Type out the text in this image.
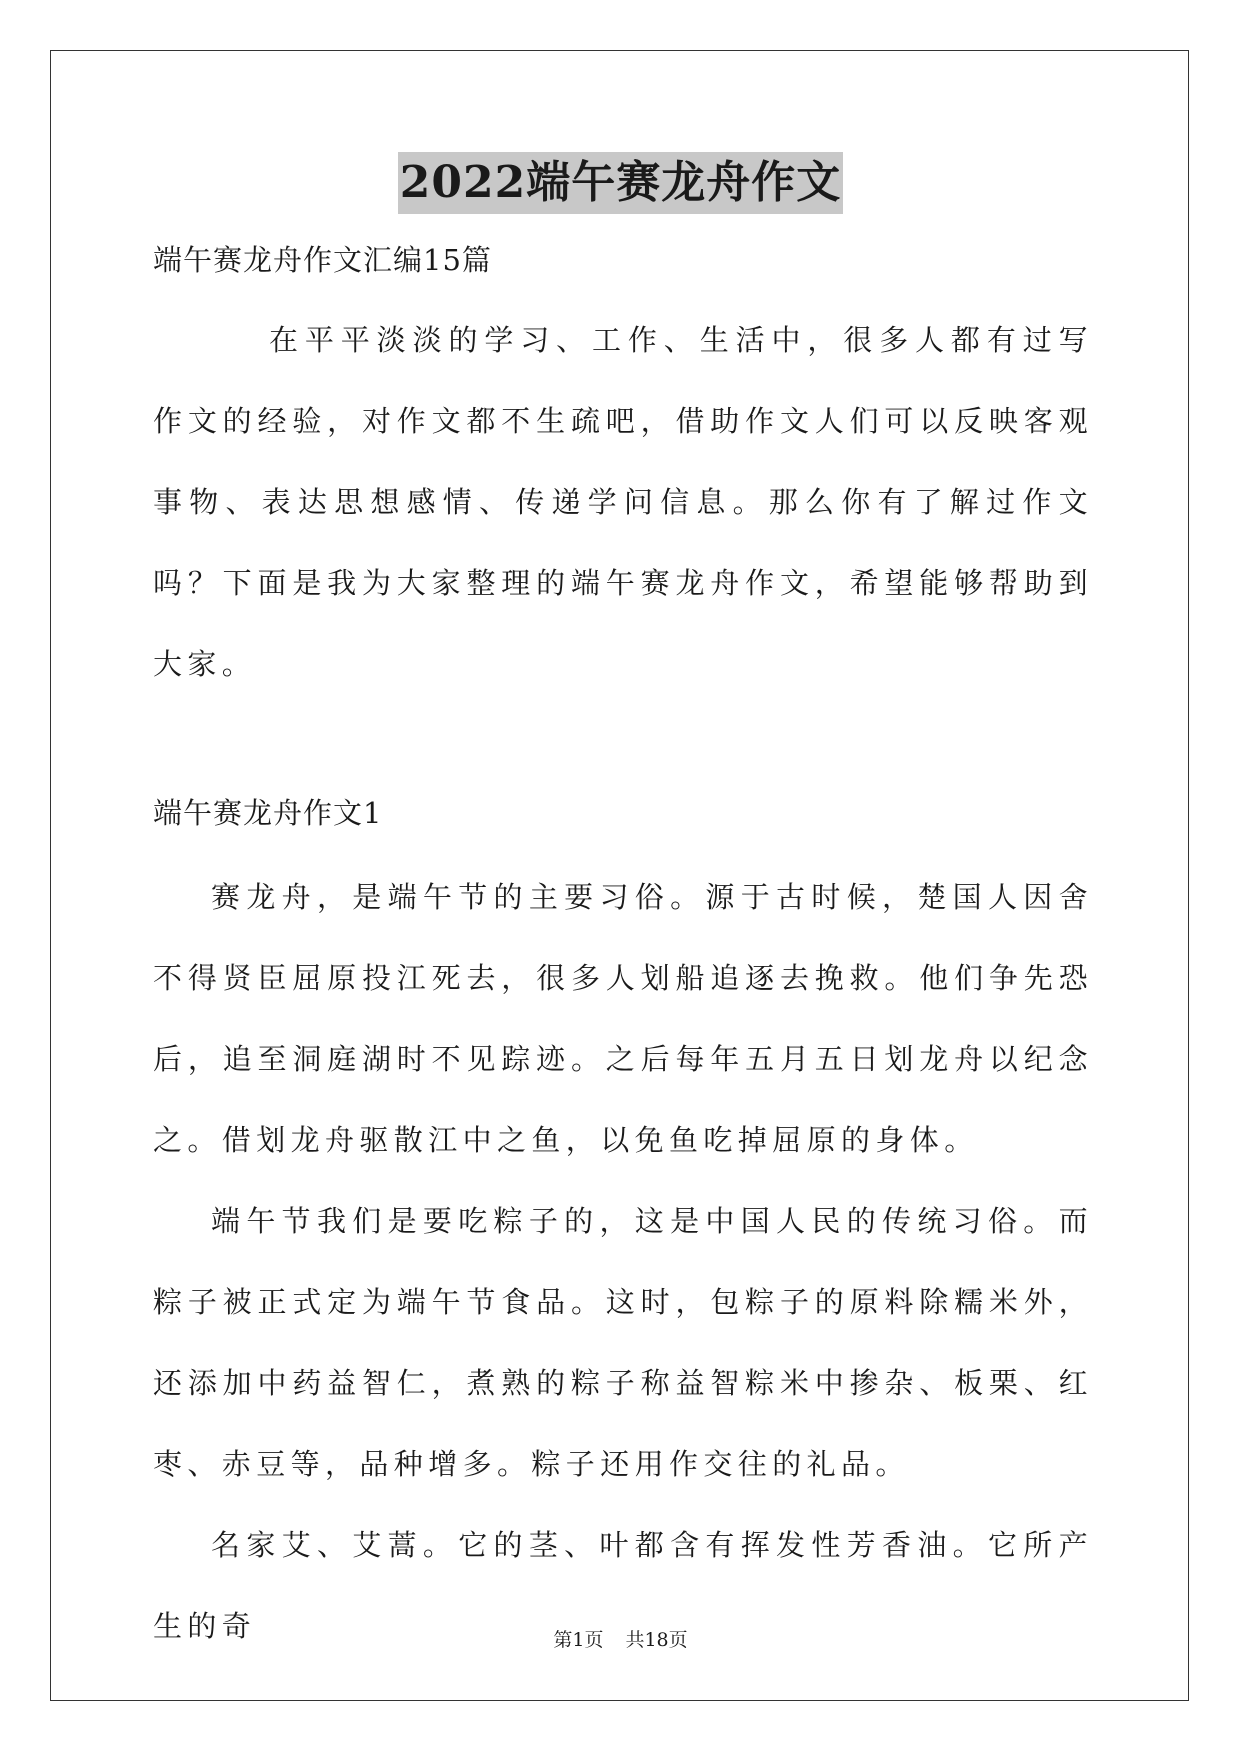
2022端午赛龙舟作文

端午赛龙舟作文汇编15篇

在平平淡淡的学习、工作、生活中，很多人都有过写作文的经验，对作文都不生疏吧，借助作文人们可以反映客观事物、表达思想感情、传递学问信息。那么你有了解过作文吗？下面是我为大家整理的端午赛龙舟作文，希望能够帮助到大家。

端午赛龙舟作文1

赛龙舟，是端午节的主要习俗。源于古时候，楚国人因舍不得贤臣屈原投江死去，很多人划船追逐去挽救。他们争先恐后，追至洞庭湖时不见踪迹。之后每年五月五日划龙舟以纪念之。借划龙舟驱散江中之鱼，以免鱼吃掉屈原的身体。

端午节我们是要吃粽子的，这是中国人民的传统习俗。而粽子被正式定为端午节食品。这时，包粽子的原料除糯米外，还添加中药益智仁，煮熟的粽子称益智粽米中掺杂、板栗、红枣、赤豆等，品种增多。粽子还用作交往的礼品。

名家艾、艾蒿。它的茎、叶都含有挥发性芳香油。它所产生的奇	第1页 共18页
